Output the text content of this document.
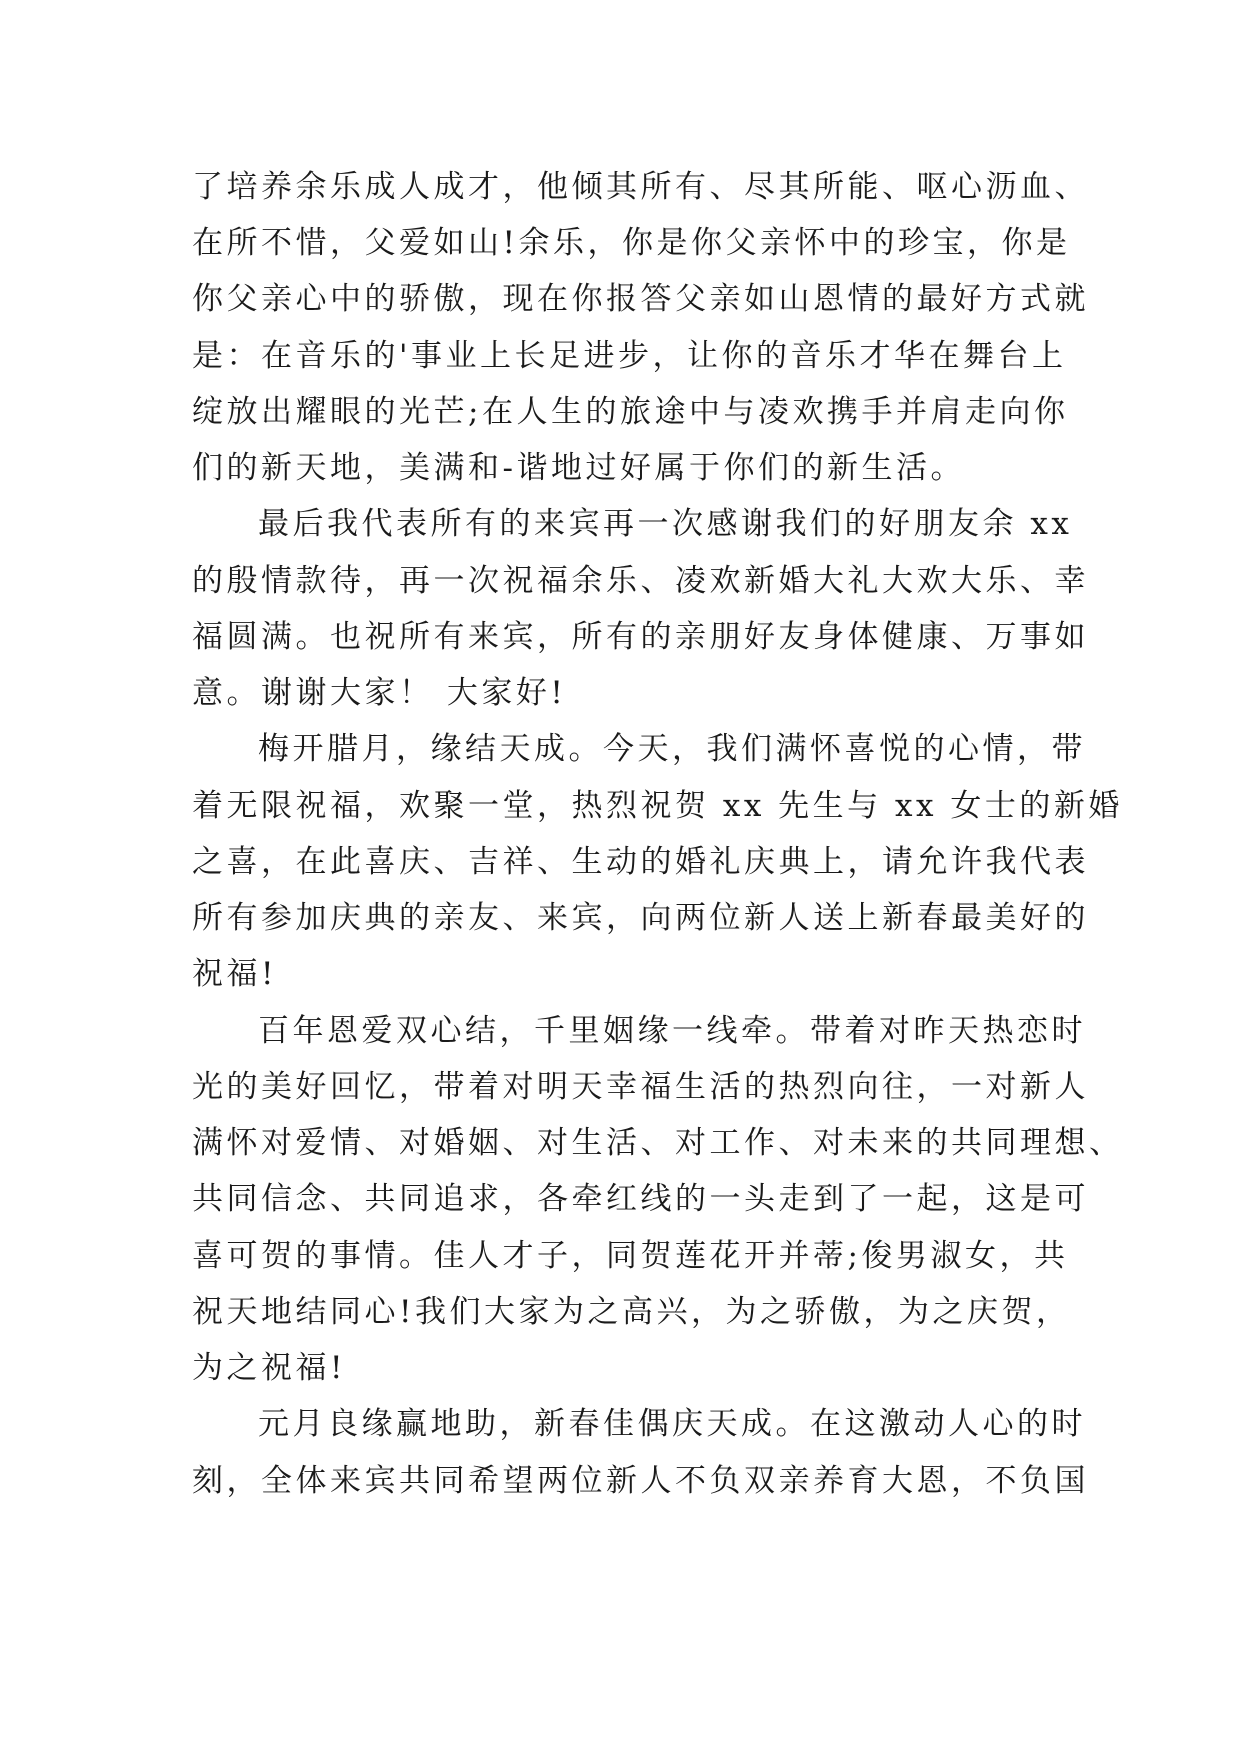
了培养余乐成人成才，他倾其所有、尽其所能、呕心沥血、
在所不惜，父爱如山!余乐，你是你父亲怀中的珍宝，你是
你父亲心中的骄傲，现在你报答父亲如山恩情的最好方式就
是：在音乐的'事业上长足进步，让你的音乐才华在舞台上
绽放出耀眼的光芒;在人生的旅途中与凌欢携手并肩走向你
们的新天地，美满和-谐地过好属于你们的新生活。
最后我代表所有的来宾再一次感谢我们的好朋友余 xx
的殷情款待，再一次祝福余乐、凌欢新婚大礼大欢大乐、幸
福圆满。也祝所有来宾，所有的亲朋好友身体健康、万事如
意。谢谢大家！ 大家好!
梅开腊月，缘结天成。今天，我们满怀喜悦的心情，带
着无限祝福，欢聚一堂，热烈祝贺 xx 先生与 xx 女士的新婚
之喜，在此喜庆、吉祥、生动的婚礼庆典上，请允许我代表
所有参加庆典的亲友、来宾，向两位新人送上新春最美好的
祝福!
百年恩爱双心结，千里姻缘一线牵。带着对昨天热恋时
光的美好回忆，带着对明天幸福生活的热烈向往，一对新人
满怀对爱情、对婚姻、对生活、对工作、对未来的共同理想、
共同信念、共同追求，各牵红线的一头走到了一起，这是可
喜可贺的事情。佳人才子，同贺莲花开并蒂;俊男淑女，共
祝天地结同心!我们大家为之高兴，为之骄傲，为之庆贺，
为之祝福!
元月良缘赢地助，新春佳偶庆天成。在这激动人心的时
刻，全体来宾共同希望两位新人不负双亲养育大恩，不负国
